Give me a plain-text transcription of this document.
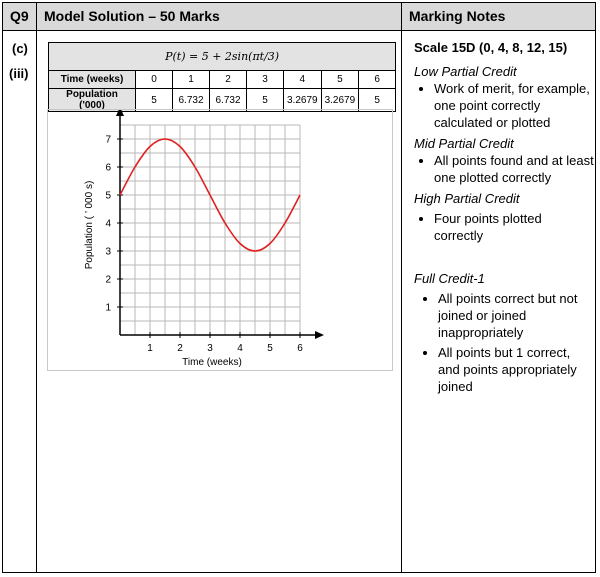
Q9	Model Solution – 50 Marks	Marking Notes
(c)
(iii)
P(t) = 5 + 2sin(πt/3)							
Time (weeks)	0	1	2	3	4	5	6
Population ('000)	5	6.732	6.732	5	3.2679	3.2679	5
1 2 3 4 5 6
1
2
3
4
5
6
7
Time (weeks)
Population ( ’ 000 s)
Scale 15D (0, 4, 8, 12, 15)
Low Partial Credit
• Work of merit, for example, one point correctly calculated or plotted
Mid Partial Credit
• All points found and at least one plotted correctly
High Partial Credit
• Four points plotted correctly
Full Credit-1
• All points correct but not joined or joined inappropriately
• All points but 1 correct, and points appropriately joined
